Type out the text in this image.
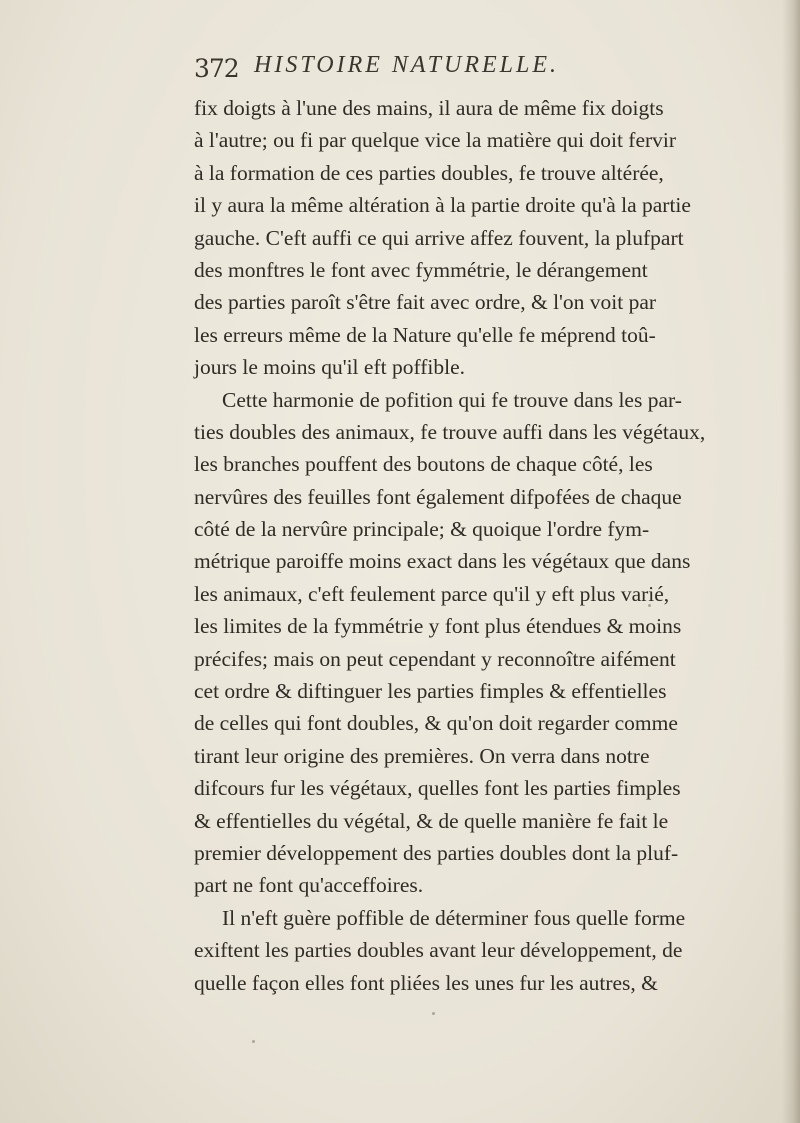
372 HISTOIRE NATURELLE.
fix doigts à l'une des mains, il aura de même fix doigts
à l'autre; ou fi par quelque vice la matière qui doit fervir
à la formation de ces parties doubles, fe trouve altérée,
il y aura la même altération à la partie droite qu'à la partie
gauche. C'eft auffi ce qui arrive affez fouvent, la plufpart
des monftres le font avec fymmétrie, le dérangement
des parties paroît s'être fait avec ordre, & l'on voit par
les erreurs même de la Nature qu'elle fe méprend toû-
jours le moins qu'il eft poffible.
Cette harmonie de pofition qui fe trouve dans les par-
ties doubles des animaux, fe trouve auffi dans les végétaux,
les branches pouffent des boutons de chaque côté, les
nervûres des feuilles font également difpofées de chaque
côté de la nervûre principale; & quoique l'ordre fym-
métrique paroiffe moins exact dans les végétaux que dans
les animaux, c'eft feulement parce qu'il y eft plus varié,
les limites de la fymmétrie y font plus étendues & moins
précifes; mais on peut cependant y reconnoître aifément
cet ordre & diftinguer les parties fimples & effentielles
de celles qui font doubles, & qu'on doit regarder comme
tirant leur origine des premières. On verra dans notre
difcours fur les végétaux, quelles font les parties fimples
& effentielles du végétal, & de quelle manière fe fait le
premier développement des parties doubles dont la pluf-
part ne font qu'acceffoires.
Il n'eft guère poffible de déterminer fous quelle forme
exiftent les parties doubles avant leur développement, de
quelle façon elles font pliées les unes fur les autres, &
